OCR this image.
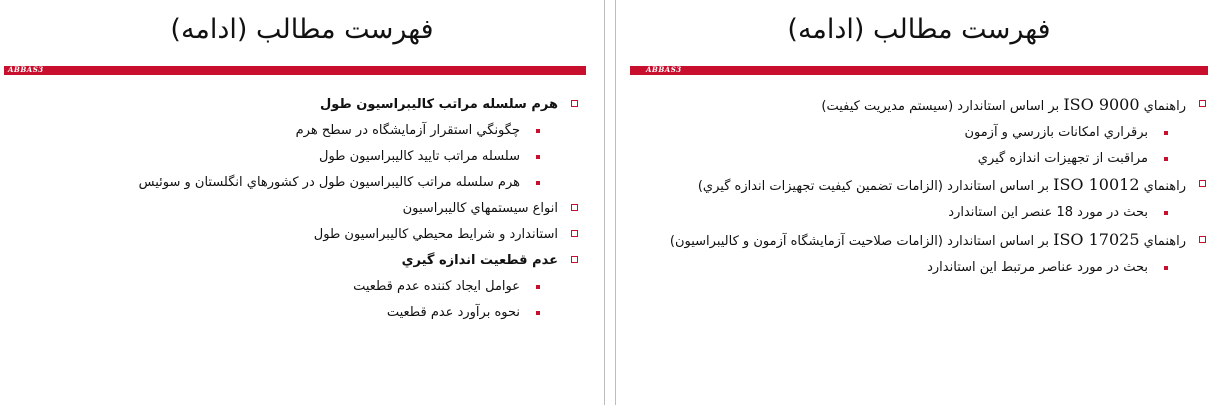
فهرست مطالب (ادامه)
ABBAS3
هرم سلسله مراتب کالیبراسیون طول
چگونگي استقرار آزمايشگاه در سطح هرم
سلسله مراتب تاييد کاليبراسيون طول
هرم سلسله مراتب کاليبراسيون طول در کشورهاي انگلستان و سوئيس
انواع سيستمهاي کاليبراسيون
استاندارد و شرايط محيطي کاليبراسيون طول
عدم قطعيت اندازه گيري
عوامل ايجاد کننده عدم قطعيت
نحوه برآورد عدم قطعيت
فهرست مطالب (ادامه)
ABBAS3
راهنماي ISO 9000 بر اساس استاندارد (سيستم مديريت کيفيت)
برقراري امکانات بازرسي و آزمون
مراقبت از تجهيزات اندازه گيري
راهنماي ISO 10012 بر اساس استاندارد (الزامات تضمين کيفيت تجهيزات اندازه گيري)
بحث در مورد 18 عنصر اين استاندارد
راهنماي ISO 17025 بر اساس استاندارد (الزامات صلاحيت آزمايشگاه آزمون و کاليبراسيون)
بحث در مورد عناصر مرتبط اين استاندارد
